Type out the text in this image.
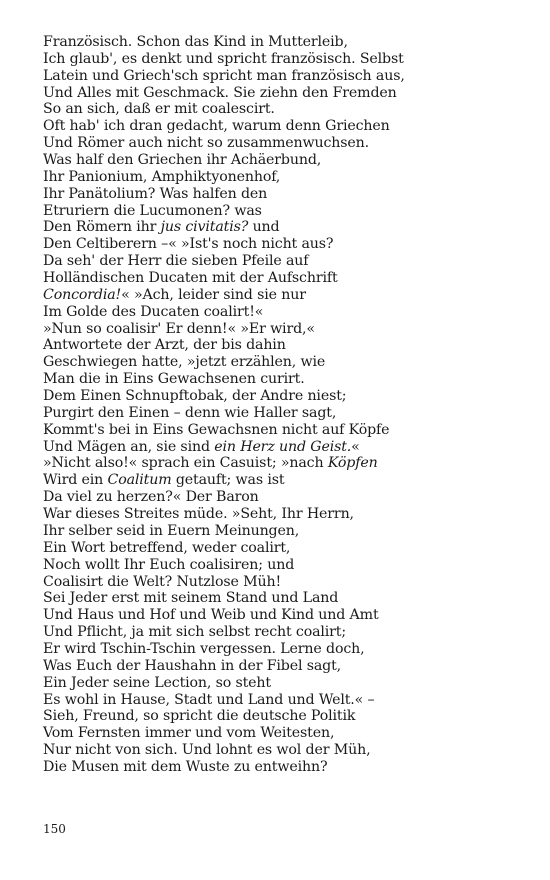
Französisch. Schon das Kind in Mutterleib,
Ich glaub', es denkt und spricht französisch. Selbst
Latein und Griech'sch spricht man französisch aus,
Und Alles mit Geschmack. Sie ziehn den Fremden
So an sich, daß er mit coalescirt.
Oft hab' ich dran gedacht, warum denn Griechen
Und Römer auch nicht so zusammenwuchsen.
Was half den Griechen ihr Achäerbund,
Ihr Panionium, Amphiktyonenhof,
Ihr Panätolium? Was halfen den
Etruriern die Lucumonen? was
Den Römern ihr jus civitatis? und
Den Celtiberern –« »Ist's noch nicht aus?
Da seh' der Herr die sieben Pfeile auf
Holländischen Ducaten mit der Aufschrift
Concordia!« »Ach, leider sind sie nur
Im Golde des Ducaten coalirt!«
»Nun so coalisir' Er denn!« »Er wird,«
Antwortete der Arzt, der bis dahin
Geschwiegen hatte, »jetzt erzählen, wie
Man die in Eins Gewachsenen curirt.
Dem Einen Schnupftobak, der Andre niest;
Purgirt den Einen – denn wie Haller sagt,
Kommt's bei in Eins Gewachsnen nicht auf Köpfe
Und Mägen an, sie sind ein Herz und Geist.«
»Nicht also!« sprach ein Casuist; »nach Köpfen
Wird ein Coalitum getauft; was ist
Da viel zu herzen?« Der Baron
War dieses Streites müde. »Seht, Ihr Herrn,
Ihr selber seid in Euern Meinungen,
Ein Wort betreffend, weder coalirt,
Noch wollt Ihr Euch coalisiren; und
Coalisirt die Welt? Nutzlose Müh!
Sei Jeder erst mit seinem Stand und Land
Und Haus und Hof und Weib und Kind und Amt
Und Pflicht, ja mit sich selbst recht coalirt;
Er wird Tschin-Tschin vergessen. Lerne doch,
Was Euch der Haushahn in der Fibel sagt,
Ein Jeder seine Lection, so steht
Es wohl in Hause, Stadt und Land und Welt.« –
Sieh, Freund, so spricht die deutsche Politik
Vom Fernsten immer und vom Weitesten,
Nur nicht von sich. Und lohnt es wol der Müh,
Die Musen mit dem Wuste zu entweihn?
150
